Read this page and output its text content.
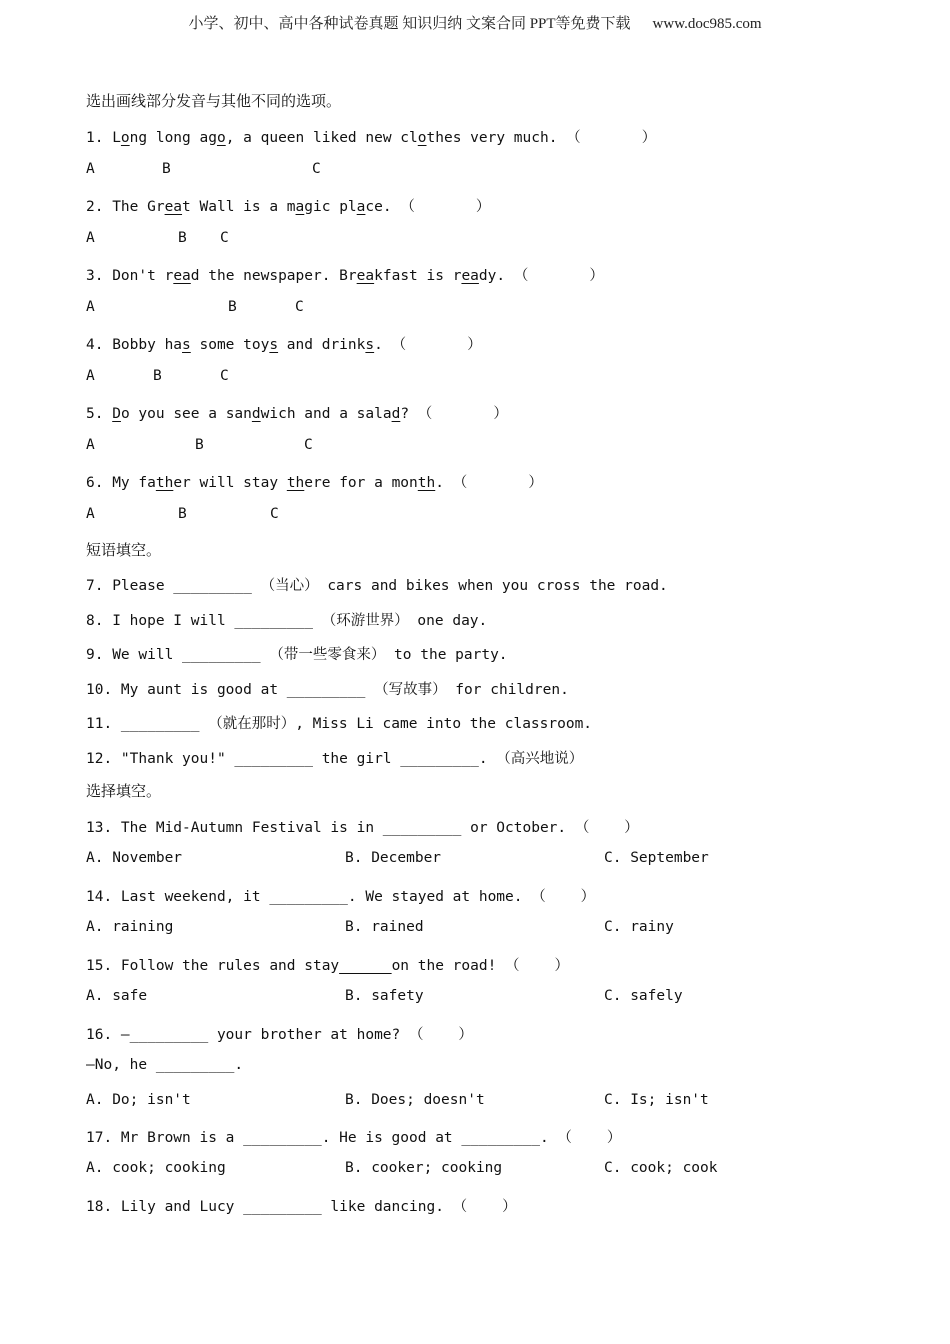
小学、初中、高中各种试卷真题 知识归纳 文案合同 PPT等免费下载 www.doc985.com
选出画线部分发音与其他不同的选项。
1. Long long ago, a queen liked new clothes very much. （       ）
A	B	C
2. The Great Wall is a magic place. （       ）
A	B C
3. Don't read the newspaper. Breakfast is ready. （       ）
A	B	C
4. Bobby has some toys and drinks. （       ）
A	B	C
5. Do you see a sandwich and a salad? （       ）
A	B	C
6. My father will stay there for a month. （       ）
A	B	C
短语填空。
7. Please _________ （当心） cars and bikes when you cross the road.
8. I hope I will _________ （环游世界） one day.
9. We will _________ （带一些零食来） to the party.
10. My aunt is good at _________ （写故事） for children.
11. _________ （就在那时）, Miss Li came into the classroom.
12. "Thank you!" _________ the girl _________. （高兴地说）
选择填空。
13. The Mid-Autumn Festival is in _________ or October. （    ）
A. November	B. December	C. September
14. Last weekend, it _________. We stayed at home. （    ）
A. raining	B. rained	C. rainy
15. Follow the rules and stay______on the road! （    ）
A. safe	B. safety	C. safely
16. —_________ your brother at home? （    ）
—No, he _________.
A. Do; isn't	B. Does; doesn't	C. Is; isn't
17. Mr Brown is a _________. He is good at _________. （    ）
A. cook; cooking	B. cooker; cooking	C. cook; cook
18. Lily and Lucy _________ like dancing. （    ）
